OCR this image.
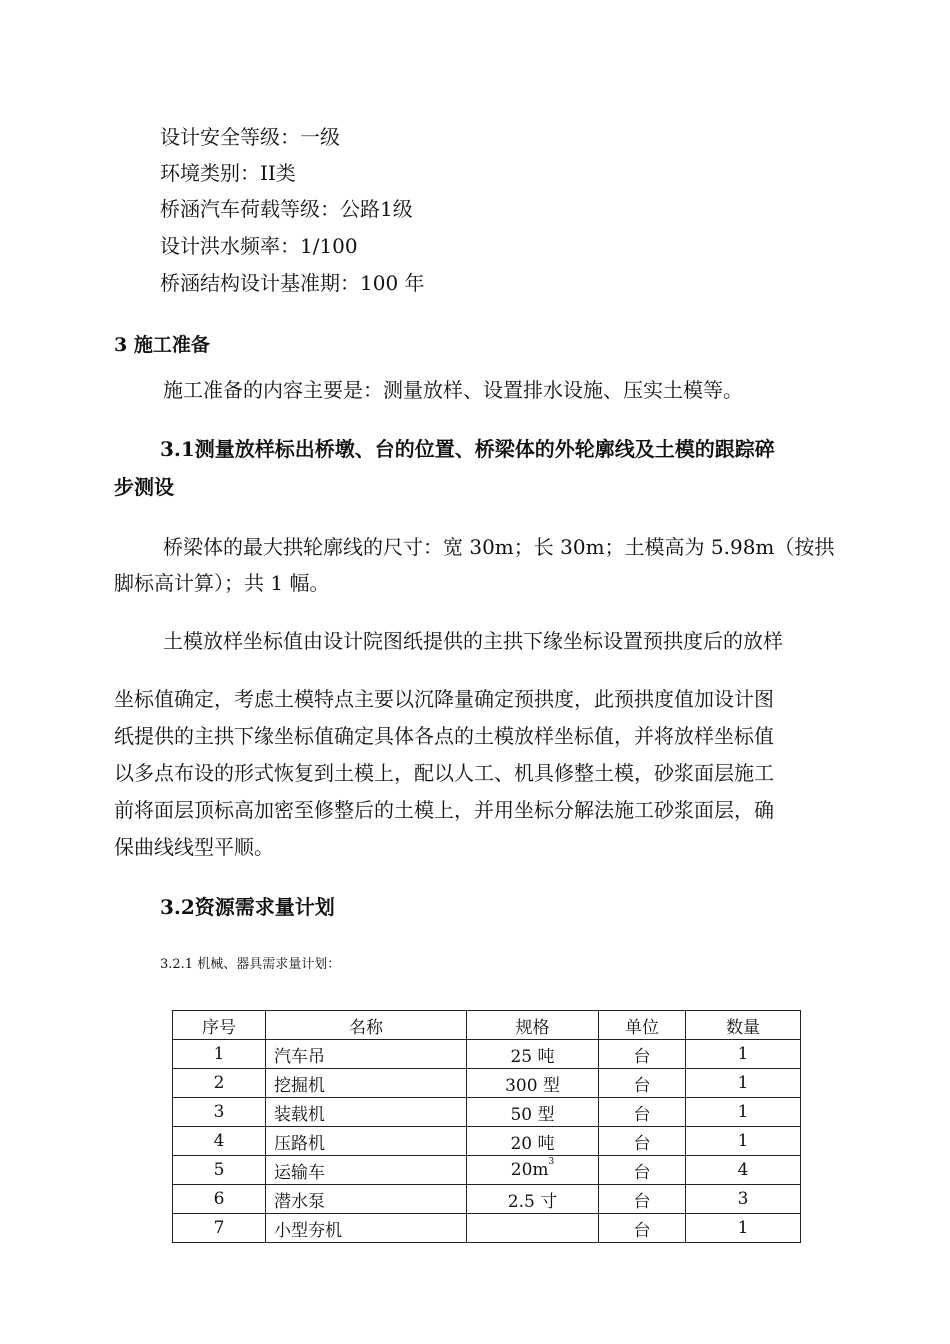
设计安全等级：一级
环境类别：II类
桥涵汽车荷载等级：公路1级
设计洪水频率：1/100
桥涵结构设计基准期：100 年
3 施工准备
施工准备的内容主要是：测量放样、设置排水设施、压实土模等。
3.1测量放样标出桥墩、台的位置、桥梁体的外轮廓线及土模的跟踪碎
步测设
桥梁体的最大拱轮廓线的尺寸：宽 30m；长 30m；土模高为 5.98m（按拱
脚标高计算）；共 1 幅。
土模放样坐标值由设计院图纸提供的主拱下缘坐标设置预拱度后的放样
坐标值确定，考虑土模特点主要以沉降量确定预拱度，此预拱度值加设计图
纸提供的主拱下缘坐标值确定具体各点的土模放样坐标值，并将放样坐标值
以多点布设的形式恢复到土模上，配以人工、机具修整土模，砂浆面层施工
前将面层顶标高加密至修整后的土模上，并用坐标分解法施工砂浆面层，确
保曲线线型平顺。
3.2资源需求量计划
3.2.1 机械、器具需求量计划：
序号	名称	规格	单位	数量
1	汽车吊	25 吨	台	1
2	挖掘机	300 型	台	1
3	装载机	50 型	台	1
4	压路机	20 吨	台	1
5	运输车	$20m^3$	台	4
6	潜水泵	2.5 寸	台	3
7	小型夯机		台	1
